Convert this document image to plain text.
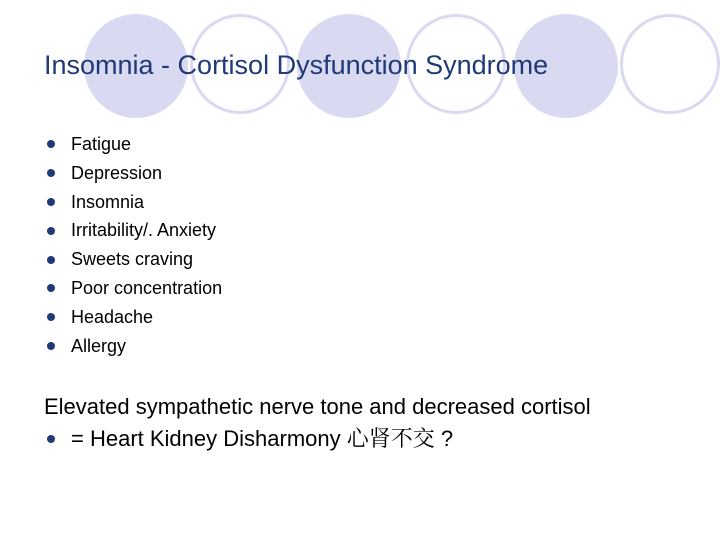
Insomnia - Cortisol Dysfunction Syndrome
Fatigue
Depression
Insomnia
Irritability/. Anxiety
Sweets craving
Poor concentration
Headache
Allergy
Elevated sympathetic nerve tone and decreased cortisol
= Heart Kidney Disharmony 心肾不交 ?
